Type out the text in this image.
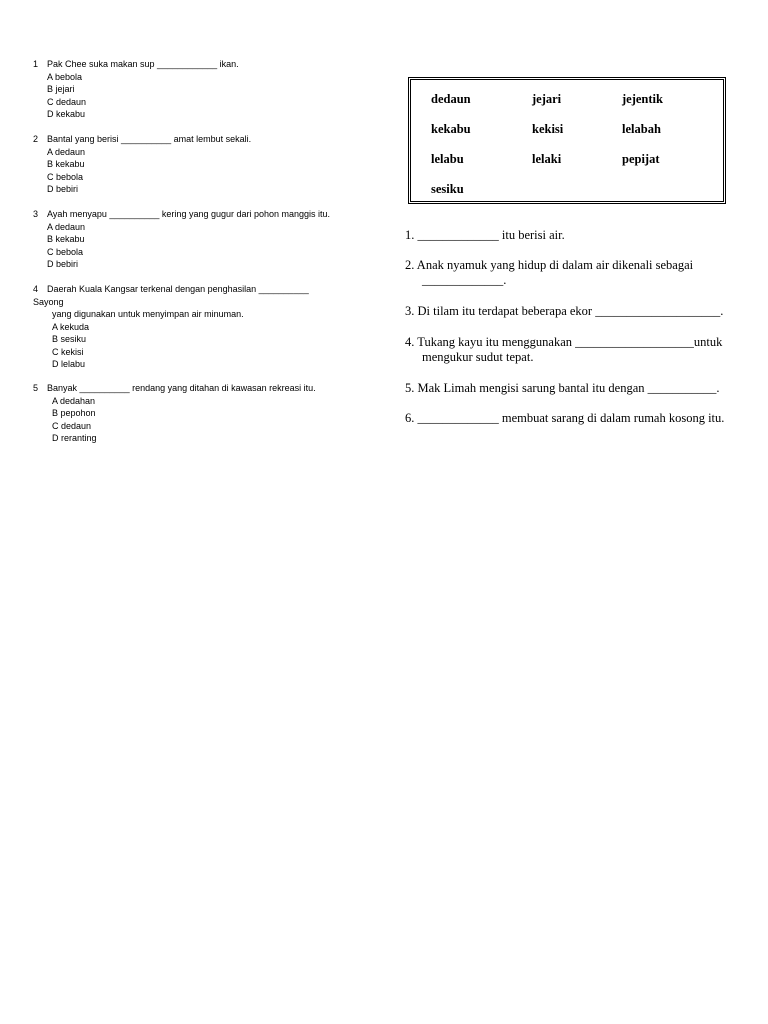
1 Pak Chee suka makan sup ____________ ikan.
A bebola
B jejari
C dedaun
D kekabu
2 Bantal yang berisi __________ amat lembut sekali.
A dedaun
B kekabu
C bebola
D bebiri
3 Ayah menyapu __________ kering yang gugur dari pohon manggis itu.
A dedaun
B kekabu
C bebola
D bebiri
4 Daerah Kuala Kangsar terkenal dengan penghasilan __________
Sayong
yang digunakan untuk menyimpan air minuman.
A kekuda
B sesiku
C kekisi
D lelabu
5 Banyak __________ rendang yang ditahan di kawasan rekreasi itu.
A dedahan
B pepohon
C dedaun
D reranting
dedaun	jejari	jejentik
kekabu	kekisi	lelabah
lelabu	lelaki	pepijat
sesiku
1. _____________ itu berisi air.
2. Anak nyamuk yang hidup di dalam air dikenali sebagai
_____________.
3. Di tilam itu terdapat beberapa ekor ____________________.
4. Tukang kayu itu menggunakan ___________________untuk
mengukur sudut tepat.
5. Mak Limah mengisi sarung bantal itu dengan ___________.
6. _____________ membuat sarang di dalam rumah kosong itu.
